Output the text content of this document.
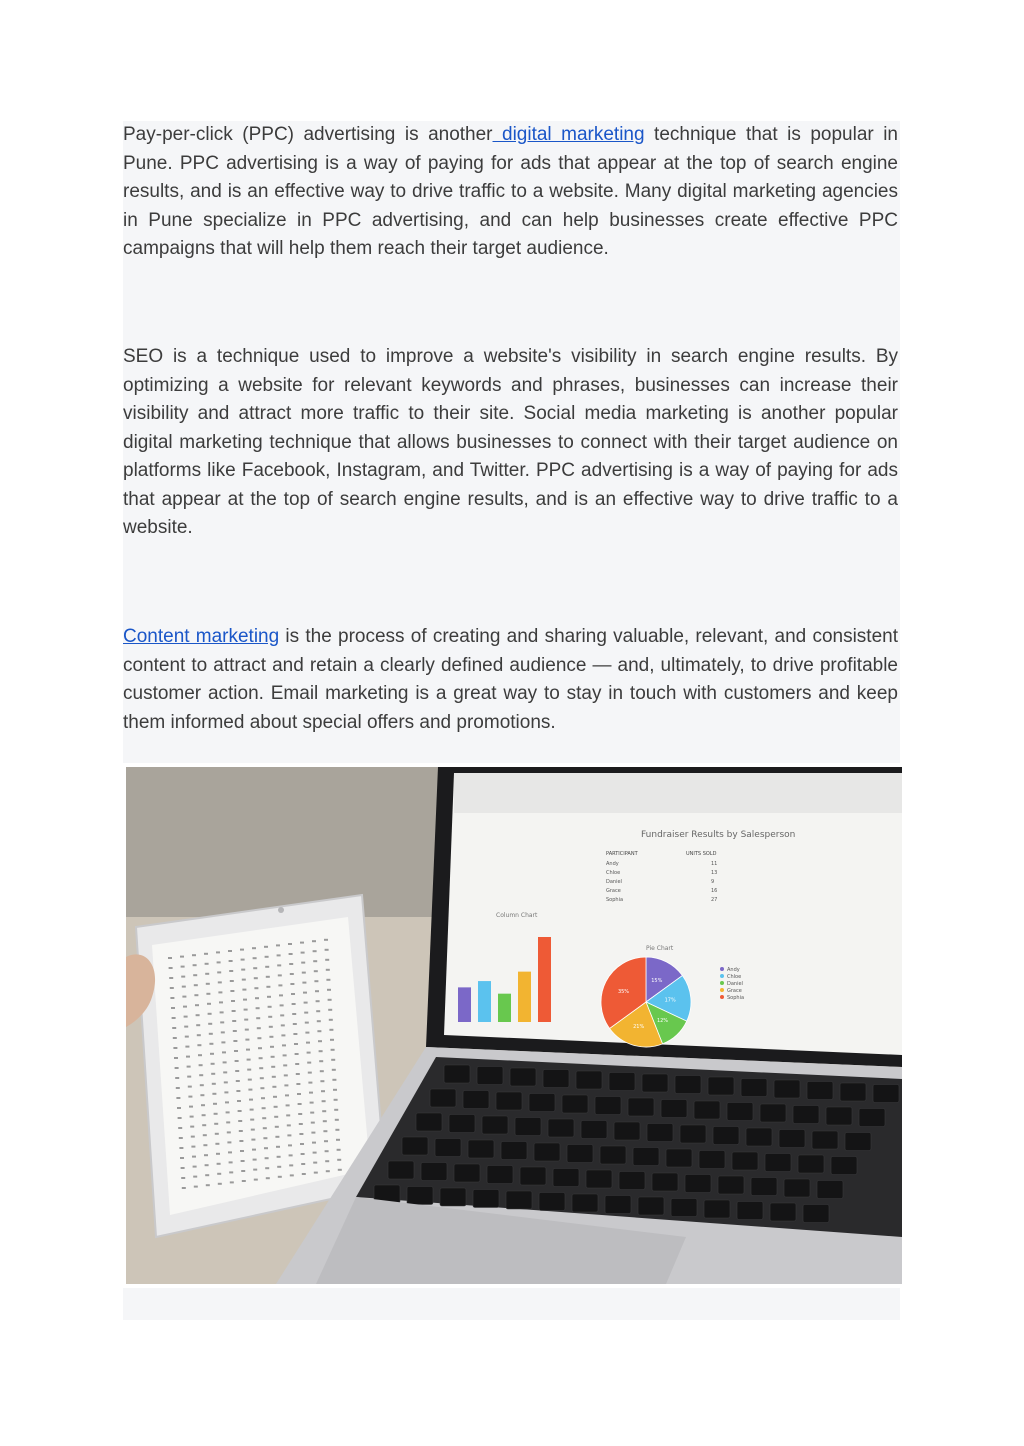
Pay-per-click (PPC) advertising is another digital marketing technique that is popular in Pune. PPC advertising is a way of paying for ads that appear at the top of search engine results, and is an effective way to drive traffic to a website. Many digital marketing agencies in Pune specialize in PPC advertising, and can help businesses create effective PPC campaigns that will help them reach their target audience.

SEO is a technique used to improve a website's visibility in search engine results. By optimizing a website for relevant keywords and phrases, businesses can increase their visibility and attract more traffic to their site. Social media marketing is another popular digital marketing technique that allows businesses to connect with their target audience on platforms like Facebook, Instagram, and Twitter. PPC advertising is a way of paying for ads that appear at the top of search engine results, and is an effective way to drive traffic to a website.

Content marketing is the process of creating and sharing valuable, relevant, and consistent content to attract and retain a clearly defined audience — and, ultimately, to drive profitable customer action. Email marketing is a great way to stay in touch with customers and keep them informed about special offers and promotions.

Fundraiser Results by Salesperson
PARTICIPANT	UNITS SOLD
Andy	11
Chloe	13
Daniel	9
Grace	16
Sophia	27
Column Chart
Pie Chart
15%
17%
12%
21%
35%
Andy
Chloe
Daniel
Grace
Sophia
